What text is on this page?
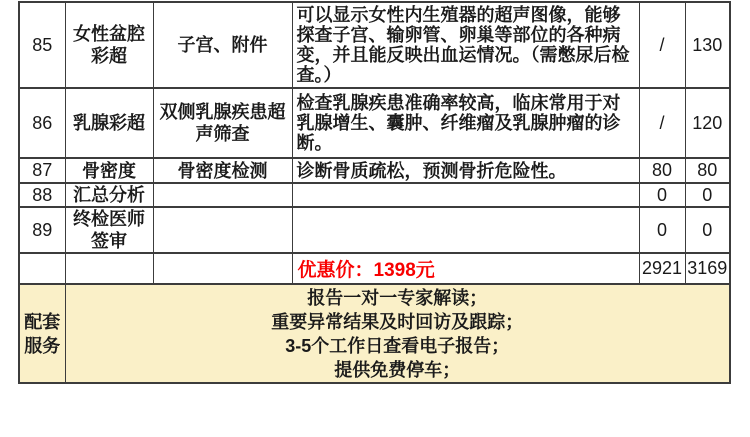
85	女性盆腔彩超	子宫、附件	可以显示女性内生殖器的超声图像，能够探查子宫、输卵管、卵巢等部位的各种病变，并且能反映出血运情况。（需憋尿后检查。）	/	130
86	乳腺彩超	双侧乳腺疾患超声筛查	检查乳腺疾患准确率较高，临床常用于对乳腺增生、囊肿、纤维瘤及乳腺肿瘤的诊断。	/	120
87	骨密度	骨密度检测	诊断骨质疏松，预测骨折危险性。	80	80
88	汇总分析			0	0
89	终检医师签审			0	0
			优惠价：1398元	2921	3169
配套服务	报告一对一专家解读；
重要异常结果及时回访及跟踪；
3-5个工作日查看电子报告；
提供免费停车；				
